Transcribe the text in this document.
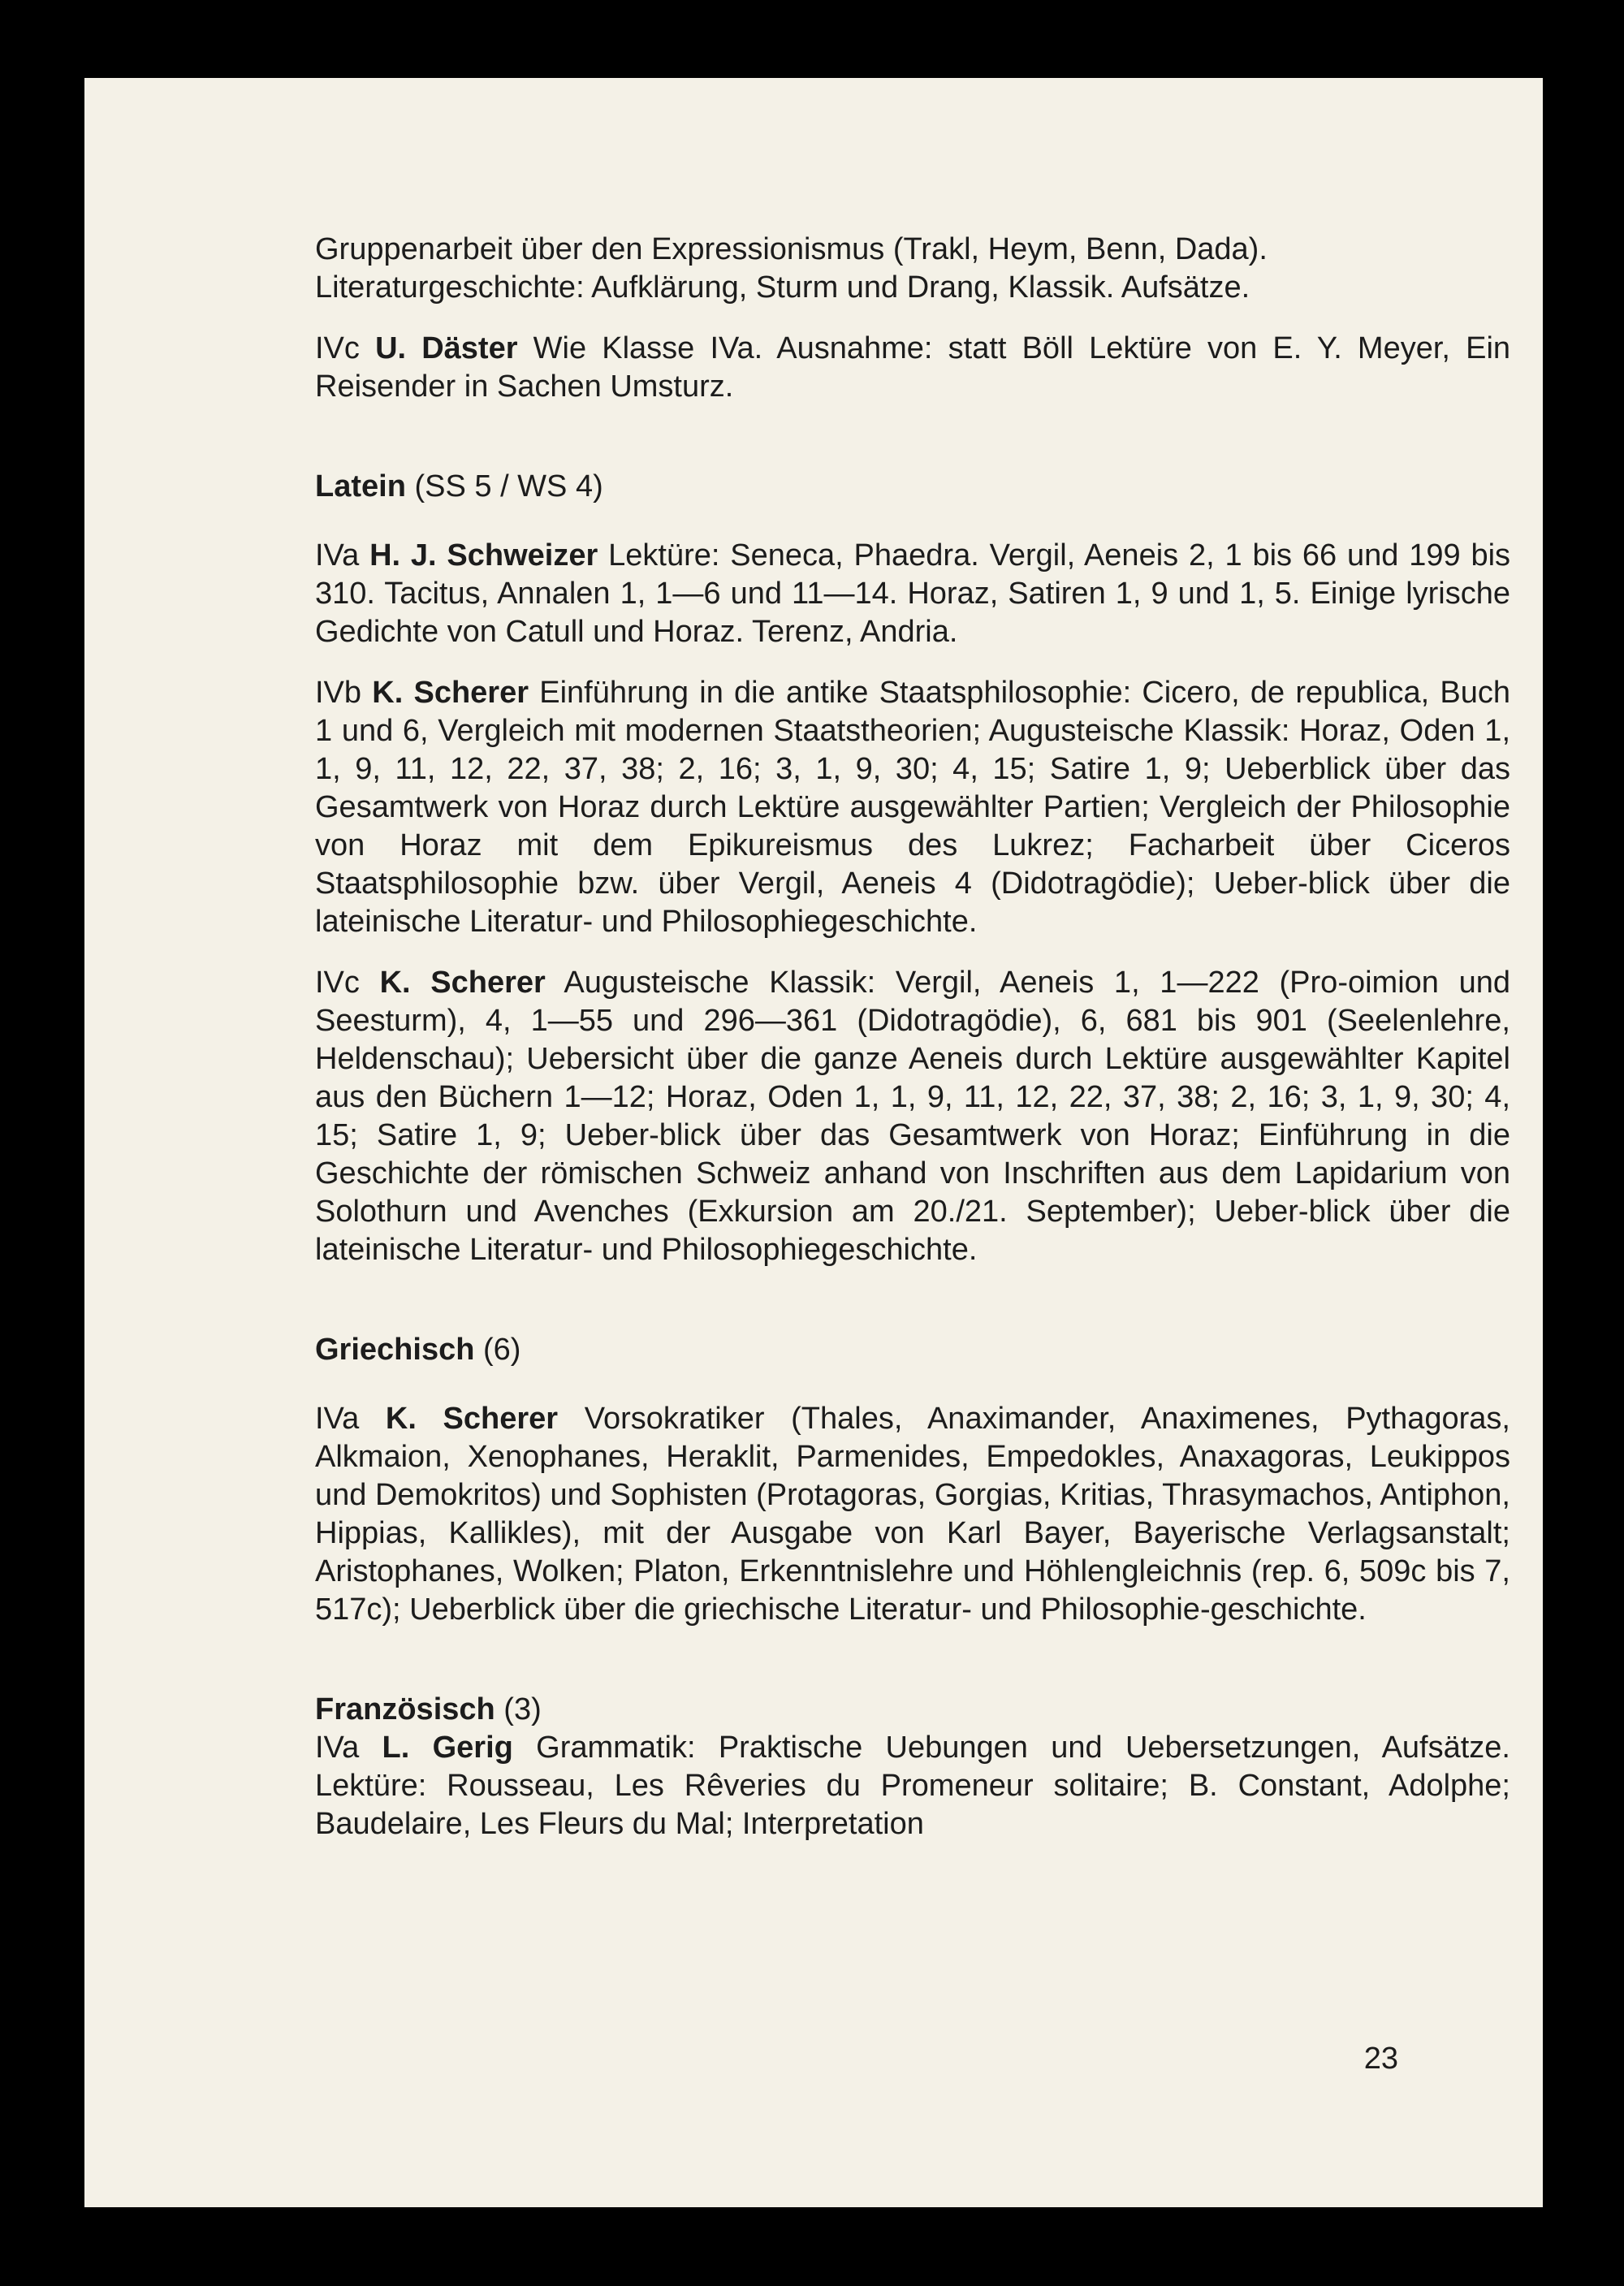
Gruppenarbeit über den Expressionismus (Trakl, Heym, Benn, Dada).

Literaturgeschichte: Aufklärung, Sturm und Drang, Klassik. Aufsätze.

IVc U. Däster Wie Klasse IVa. Ausnahme: statt Böll Lektüre von E. Y. Meyer, Ein Reisender in Sachen Umsturz.

Latein (SS 5 / WS 4)

IVa H. J. Schweizer Lektüre: Seneca, Phaedra. Vergil, Aeneis 2, 1 bis 66 und 199 bis 310. Tacitus, Annalen 1, 1—6 und 11—14. Horaz, Satiren 1, 9 und 1, 5. Einige lyrische Gedichte von Catull und Horaz. Terenz, Andria.

IVb K. Scherer Einführung in die antike Staatsphilosophie: Cicero, de republica, Buch 1 und 6, Vergleich mit modernen Staatstheorien; Augusteische Klassik: Horaz, Oden 1, 1, 9, 11, 12, 22, 37, 38; 2, 16; 3, 1, 9, 30; 4, 15; Satire 1, 9; Ueberblick über das Gesamtwerk von Horaz durch Lektüre ausgewählter Partien; Vergleich der Philosophie von Horaz mit dem Epikureismus des Lukrez; Facharbeit über Ciceros Staatsphilosophie bzw. über Vergil, Aeneis 4 (Didotragödie); Ueber-blick über die lateinische Literatur- und Philosophiegeschichte.

IVc K. Scherer Augusteische Klassik: Vergil, Aeneis 1, 1—222 (Pro-oimion und Seesturm), 4, 1—55 und 296—361 (Didotragödie), 6, 681 bis 901 (Seelenlehre, Heldenschau); Uebersicht über die ganze Aeneis durch Lektüre ausgewählter Kapitel aus den Büchern 1—12; Horaz, Oden 1, 1, 9, 11, 12, 22, 37, 38; 2, 16; 3, 1, 9, 30; 4, 15; Satire 1, 9; Ueber-blick über das Gesamtwerk von Horaz; Einführung in die Geschichte der römischen Schweiz anhand von Inschriften aus dem Lapidarium von Solothurn und Avenches (Exkursion am 20./21. September); Ueber-blick über die lateinische Literatur- und Philosophiegeschichte.

Griechisch (6)

IVa K. Scherer Vorsokratiker (Thales, Anaximander, Anaximenes, Pythagoras, Alkmaion, Xenophanes, Heraklit, Parmenides, Empedokles, Anaxagoras, Leukippos und Demokritos) und Sophisten (Protagoras, Gorgias, Kritias, Thrasymachos, Antiphon, Hippias, Kallikles), mit der Ausgabe von Karl Bayer, Bayerische Verlagsanstalt; Aristophanes, Wolken; Platon, Erkenntnislehre und Höhlengleichnis (rep. 6, 509c bis 7, 517c); Ueberblick über die griechische Literatur- und Philosophie-geschichte.

Französisch (3)

IVa L. Gerig Grammatik: Praktische Uebungen und Uebersetzungen, Aufsätze. Lektüre: Rousseau, Les Rêveries du Promeneur solitaire; B. Constant, Adolphe; Baudelaire, Les Fleurs du Mal; Interpretation

23
